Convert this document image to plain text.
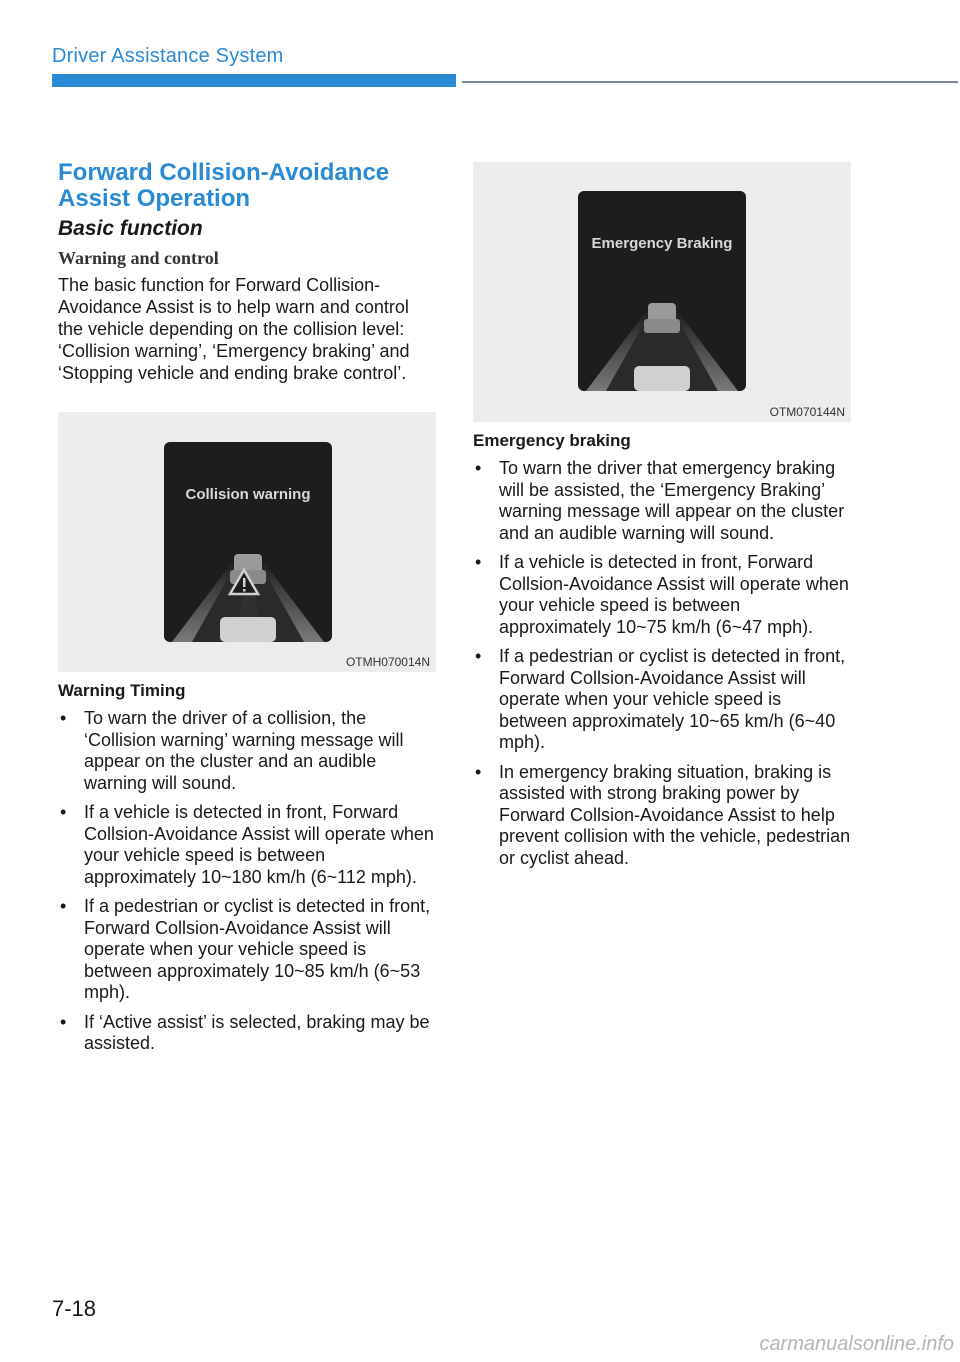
Driver Assistance System
Forward Collision-Avoidance
Assist Operation
Basic function
Warning and control

The basic function for Forward Collision-Avoidance Assist is to help warn and control the vehicle depending on the collision level: ‘Collision warning’, ‘Emergency braking’ and ‘Stopping vehicle and ending brake control’.

Collision warning
OTMH070014N
Warning Timing
• To warn the driver of a collision, the ‘Collision warning’ warning message will appear on the cluster and an audible warning will sound.
• If a vehicle is detected in front, Forward Collsion-Avoidance Assist will operate when your vehicle speed is between approximately 10~180 km/h (6~112 mph).
• If a pedestrian or cyclist is detected in front, Forward Collsion-Avoidance Assist will operate when your vehicle speed is between approximately 10~85 km/h (6~53 mph).
• If ‘Active assist’ is selected, braking may be assisted.
Emergency Braking
OTM070144N
Emergency braking
• To warn the driver that emergency braking will be assisted, the ‘Emergency Braking’ warning message will appear on the cluster and an audible warning will sound.
• If a vehicle is detected in front, Forward Collsion-Avoidance Assist will operate when your vehicle speed is between approximately 10~75 km/h (6~47 mph).
• If a pedestrian or cyclist is detected in front, Forward Collsion-Avoidance Assist will operate when your vehicle speed is between approximately 10~65 km/h (6~40 mph).
• In emergency braking situation, braking is assisted with strong braking power by Forward Collsion-Avoidance Assist to help prevent collision with the vehicle, pedestrian or cyclist ahead.
7-18
carmanualsonline.info
